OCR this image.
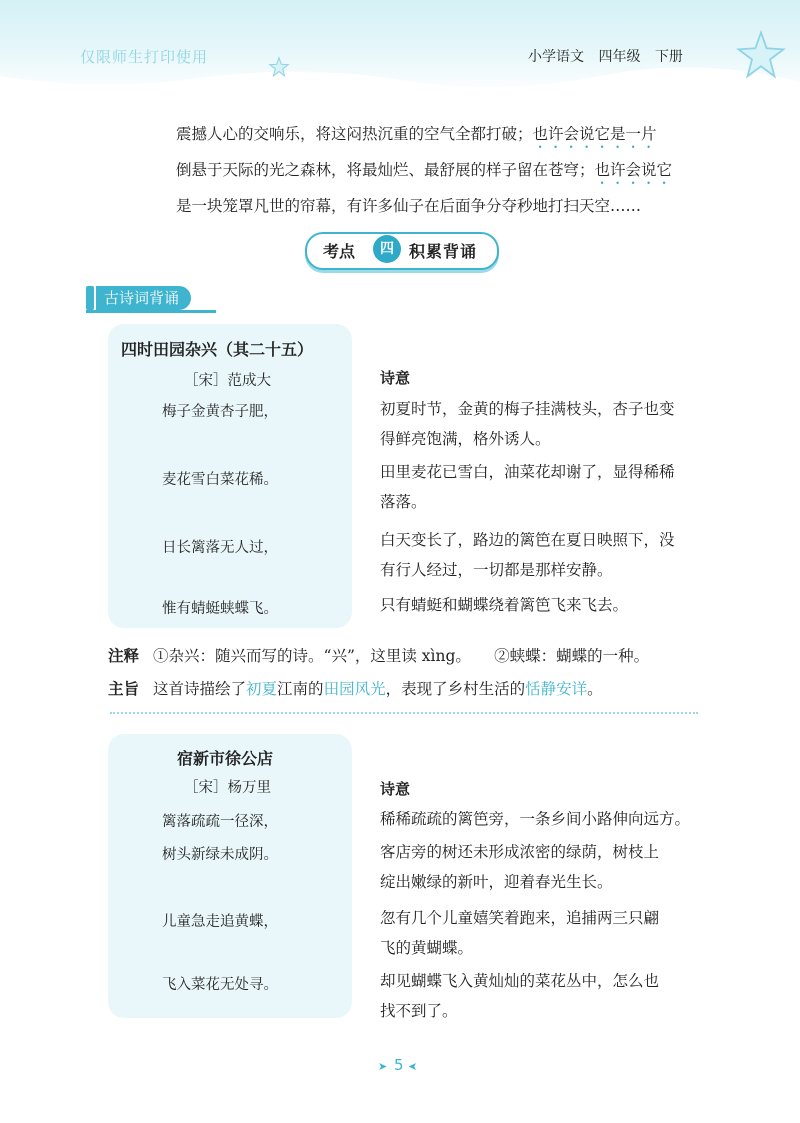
仅限师生打印使用	小学语文 四年级 下册

震撼人心的交响乐，将这闷热沉重的空气全都打破；也许会说它是一片

倒悬于天际的光之森林，将最灿烂、最舒展的样子留在苍穹；也许会说它

是一块笼罩凡世的帘幕，有许多仙子在后面争分夺秒地打扫天空……

考点	四 积累背诵
古诗词背诵
四时田园杂兴（其二十五）
［宋］范成大
梅子金黄杏子肥，
麦花雪白菜花稀。
日长篱落无人过，
惟有蜻蜓蛱蝶飞。
诗意
初夏时节，金黄的梅子挂满枝头，杏子也变
得鲜亮饱满，格外诱人。
田里麦花已雪白，油菜花却谢了，显得稀稀
落落。
白天变长了，路边的篱笆在夏日映照下，没
有行人经过，一切都是那样安静。
只有蜻蜓和蝴蝶绕着篱笆飞来飞去。
注释 ①杂兴：随兴而写的诗。“兴”，这里读 xìng。　　②蛱蝶：蝴蝶的一种。
主旨 这首诗描绘了初夏江南的田园风光，表现了乡村生活的恬静安详。
宿新市徐公店
［宋］杨万里
篱落疏疏一径深，
树头新绿未成阴。
儿童急走追黄蝶，
飞入菜花无处寻。
诗意
稀稀疏疏的篱笆旁，一条乡间小路伸向远方。
客店旁的树还未形成浓密的绿荫，树枝上
绽出嫩绿的新叶，迎着春光生长。
忽有几个儿童嬉笑着跑来，追捕两三只翩
飞的黄蝴蝶。
却见蝴蝶飞入黄灿灿的菜花丛中，怎么也
找不到了。
➤ 5 ➤
